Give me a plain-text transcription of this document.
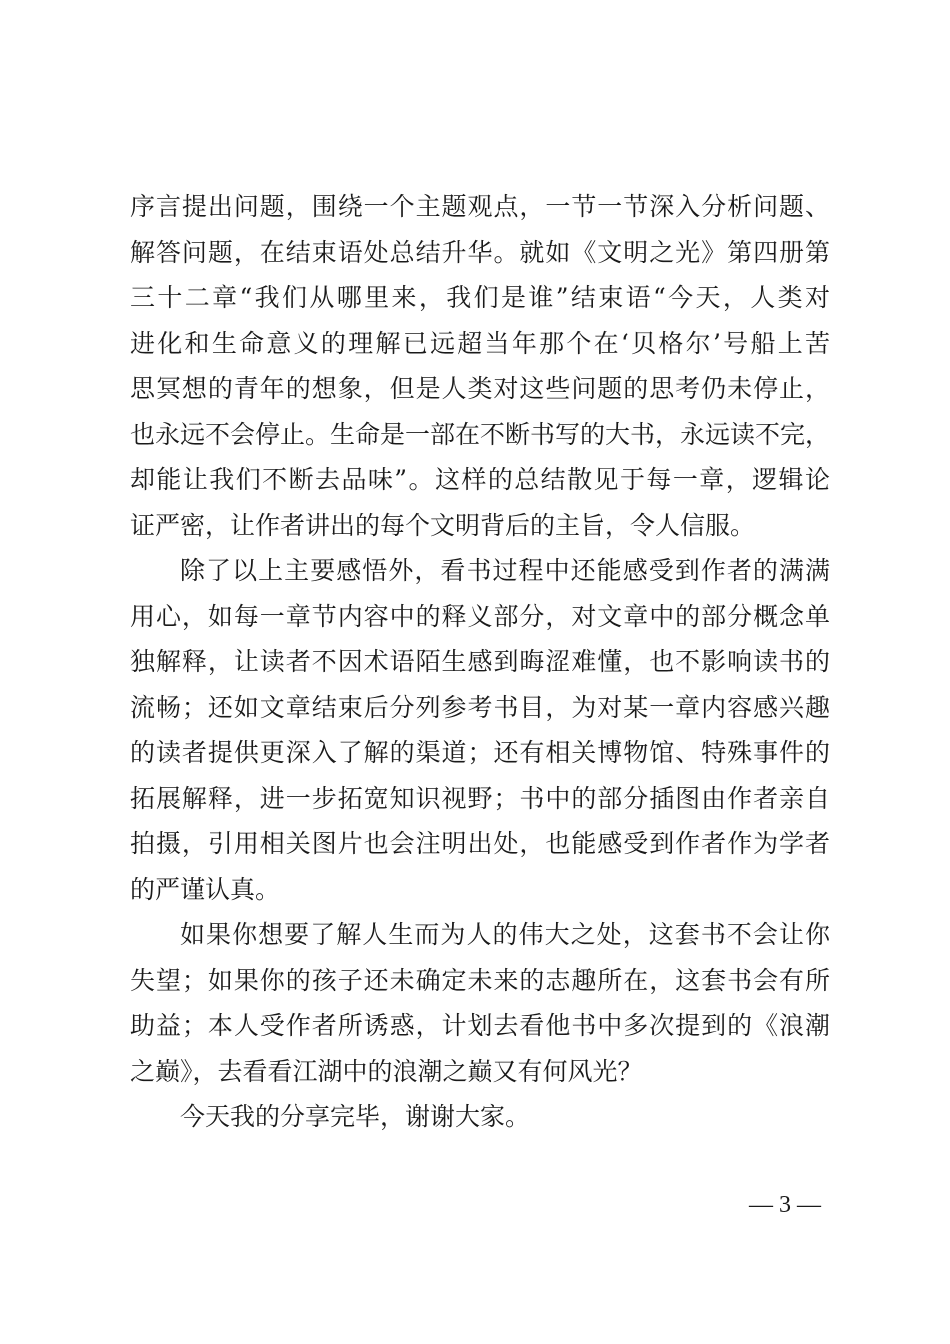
序言提出问题，围绕一个主题观点，一节一节深入分析问题、
解答问题，在结束语处总结升华。就如《文明之光》第四册第
三十二章“我们从哪里来，我们是谁”结束语“今天，人类对
进化和生命意义的理解已远超当年那个在‘贝格尔’号船上苦
思冥想的青年的想象，但是人类对这些问题的思考仍未停止，
也永远不会停止。生命是一部在不断书写的大书，永远读不完，
却能让我们不断去品味”。这样的总结散见于每一章，逻辑论
证严密，让作者讲出的每个文明背后的主旨，令人信服。
除了以上主要感悟外，看书过程中还能感受到作者的满满
用心，如每一章节内容中的释义部分，对文章中的部分概念单
独解释，让读者不因术语陌生感到晦涩难懂，也不影响读书的
流畅；还如文章结束后分列参考书目，为对某一章内容感兴趣
的读者提供更深入了解的渠道；还有相关博物馆、特殊事件的
拓展解释，进一步拓宽知识视野；书中的部分插图由作者亲自
拍摄，引用相关图片也会注明出处，也能感受到作者作为学者
的严谨认真。
如果你想要了解人生而为人的伟大之处，这套书不会让你
失望；如果你的孩子还未确定未来的志趣所在，这套书会有所
助益；本人受作者所诱惑，计划去看他书中多次提到的《浪潮
之巅》，去看看江湖中的浪潮之巅又有何风光？
今天我的分享完毕，谢谢大家。
— 3 —
